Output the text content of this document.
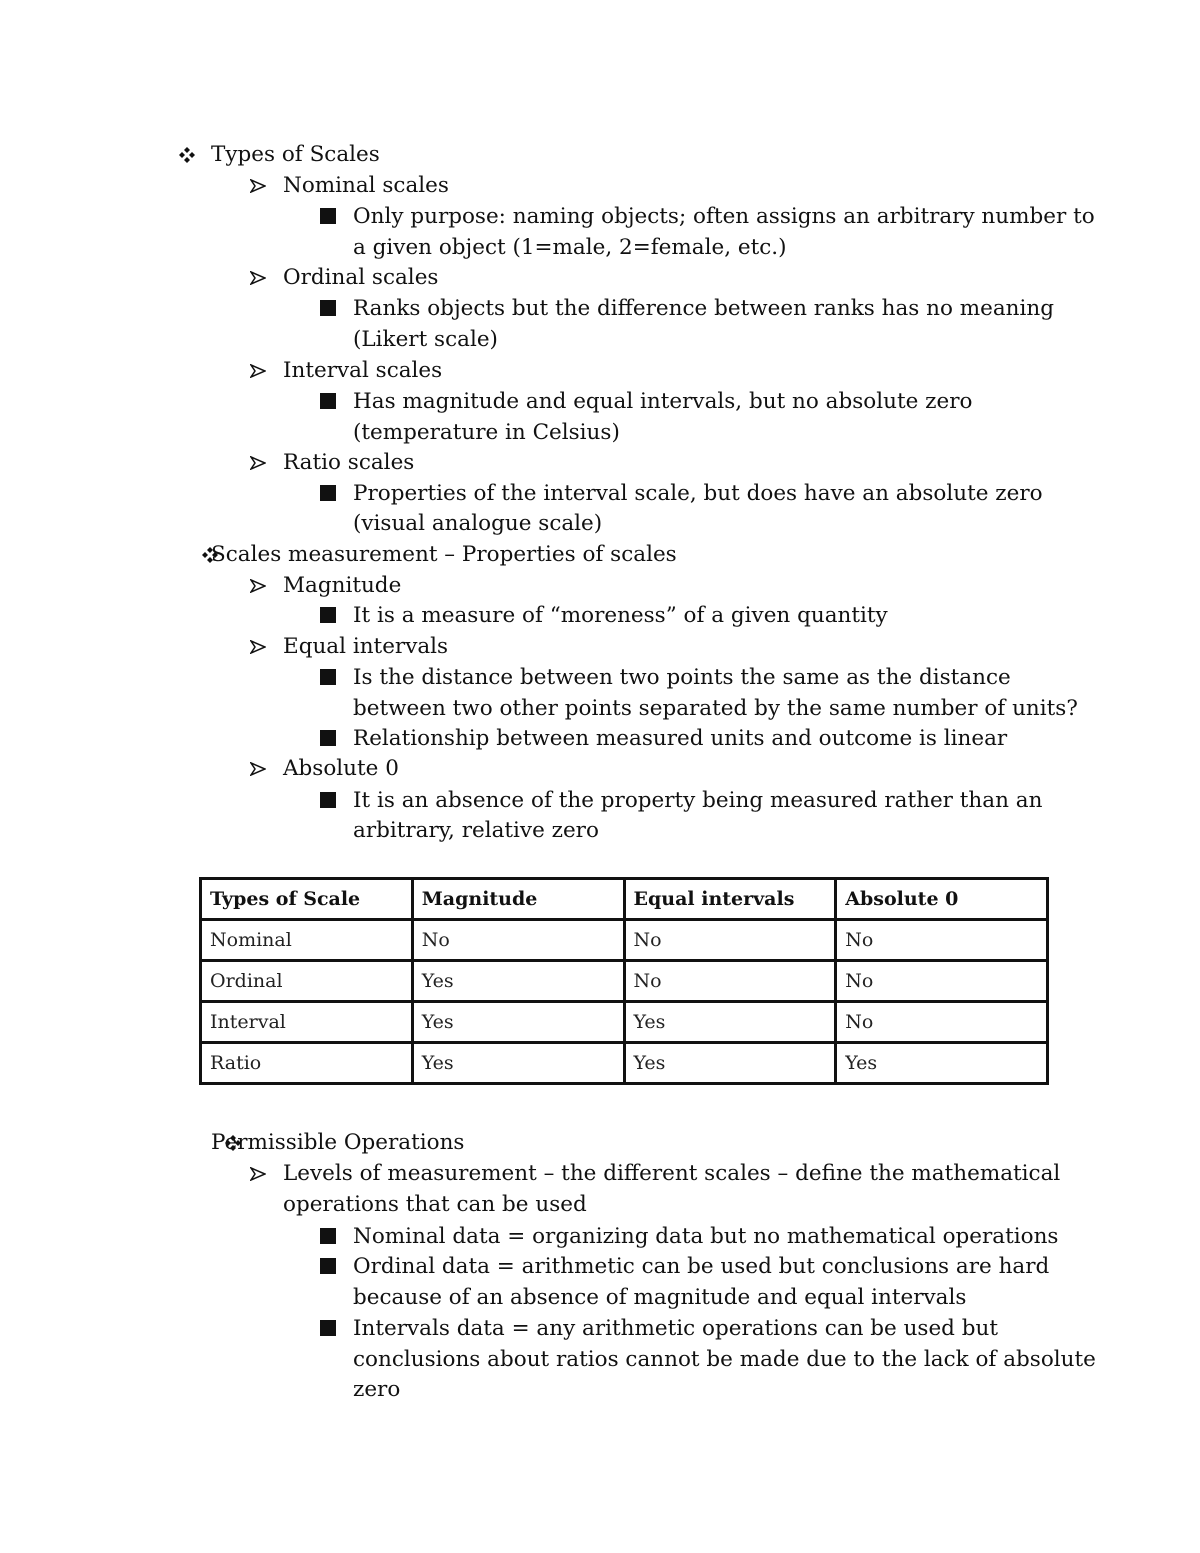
Types of Scales
Nominal scales
Only purpose: naming objects; often assigns an arbitrary number to
a given object (1=male, 2=female, etc.)
Ordinal scales
Ranks objects but the difference between ranks has no meaning
(Likert scale)
Interval scales
Has magnitude and equal intervals, but no absolute zero
(temperature in Celsius)
Ratio scales
Properties of the interval scale, but does have an absolute zero
(visual analogue scale)

Scales measurement – Properties of scales
Magnitude
It is a measure of “moreness” of a given quantity
Equal intervals
Is the distance between two points the same as the distance
between two other points separated by the same number of units?
Relationship between measured units and outcome is linear
Absolute 0
It is an absence of the property being measured rather than an
arbitrary, relative zero
Types of Scale	Magnitude	Equal intervals	Absolute 0
Nominal	No	No	No
Ordinal	Yes	No	No
Interval	Yes	Yes	No
Ratio	Yes	Yes	Yes
Permissible Operations
Levels of measurement – the different scales – define the mathematical
operations that can be used
Nominal data = organizing data but no mathematical operations
Ordinal data = arithmetic can be used but conclusions are hard
because of an absence of magnitude and equal intervals
Intervals data = any arithmetic operations can be used but
conclusions about ratios cannot be made due to the lack of absolute
zero
